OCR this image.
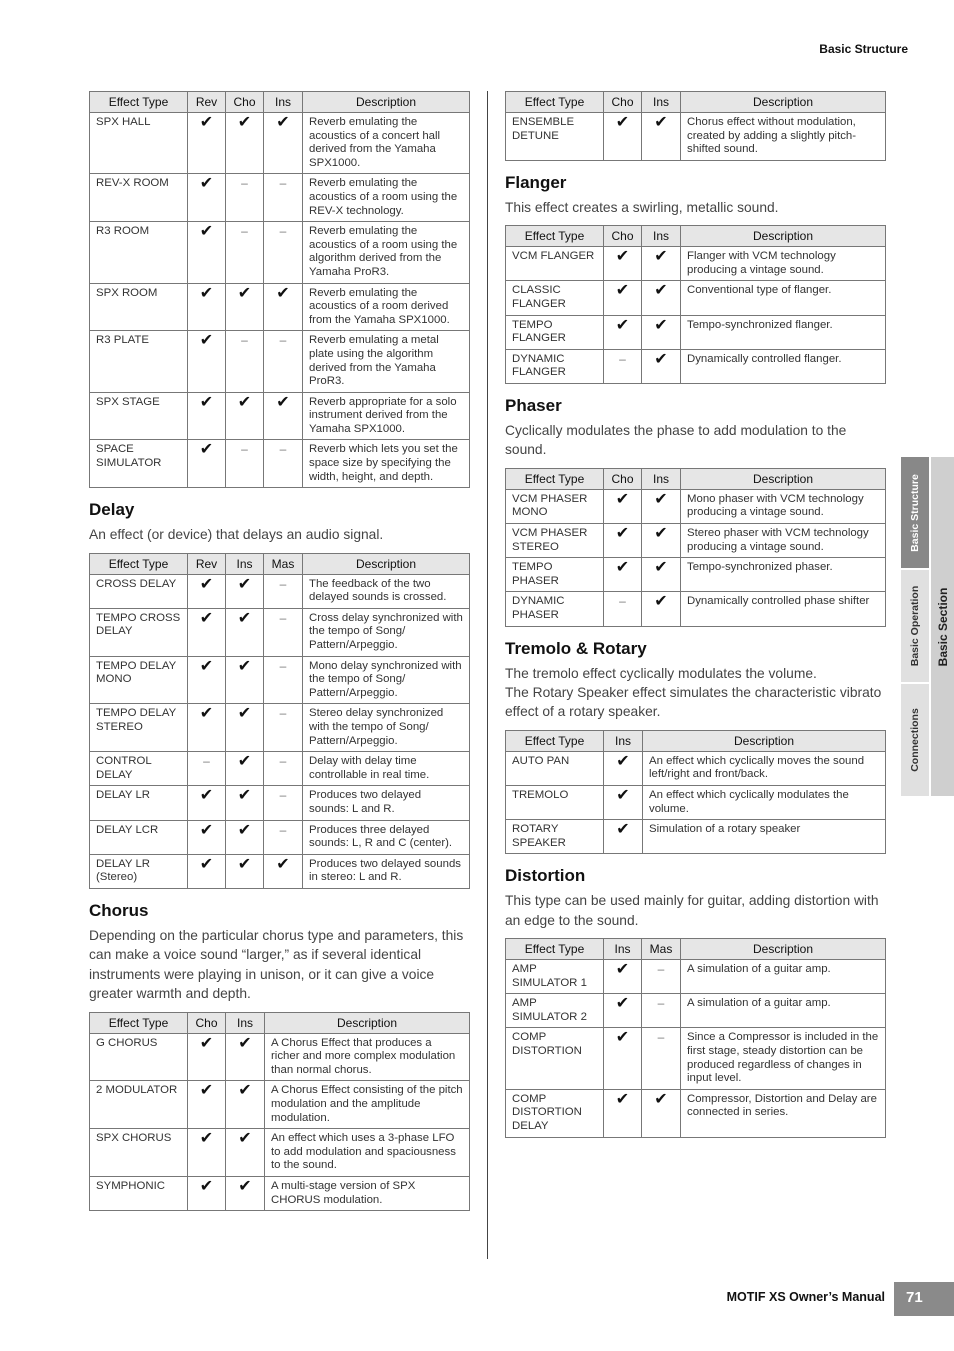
Basic Structure
Effect Type	Rev	Cho	Ins	Description
SPX HALL	✔	✔	✔	Reverb emulating the acoustics of a concert hall derived from the Yamaha SPX1000.
REV-X ROOM	✔	–	–	Reverb emulating the acoustics of a room using the REV-X technology.
R3 ROOM	✔	–	–	Reverb emulating the acoustics of a room using the algorithm derived from the Yamaha ProR3.
SPX ROOM	✔	✔	✔	Reverb emulating the acoustics of a room derived from the Yamaha SPX1000.
R3 PLATE	✔	–	–	Reverb emulating a metal plate using the algorithm derived from the Yamaha ProR3.
SPX STAGE	✔	✔	✔	Reverb appropriate for a solo instrument derived from the Yamaha SPX1000.
SPACE SIMULATOR	✔	–	–	Reverb which lets you set the space size by specifying the width, height, and depth.
Delay
An effect (or device) that delays an audio signal.
Effect Type	Rev	Ins	Mas	Description
CROSS DELAY	✔	✔	–	The feedback of the two delayed sounds is crossed.
TEMPO CROSS DELAY	✔	✔	–	Cross delay synchronized with the tempo of Song/ Pattern/Arpeggio.
TEMPO DELAY MONO	✔	✔	–	Mono delay synchronized with the tempo of Song/ Pattern/Arpeggio.
TEMPO DELAY STEREO	✔	✔	–	Stereo delay synchronized with the tempo of Song/ Pattern/Arpeggio.
CONTROL DELAY	–	✔	–	Delay with delay time controllable in real time.
DELAY LR	✔	✔	–	Produces two delayed sounds: L and R.
DELAY LCR	✔	✔	–	Produces three delayed sounds: L, R and C (center).
DELAY LR (Stereo)	✔	✔	✔	Produces two delayed sounds in stereo: L and R.
Chorus
Depending on the particular chorus type and parameters, this can make a voice sound “larger,” as if several identical instruments were playing in unison, or it can give a voice greater warmth and depth.
Effect Type	Cho	Ins	Description
G CHORUS	✔	✔	A Chorus Effect that produces a richer and more complex modulation than normal chorus.
2 MODULATOR	✔	✔	A Chorus Effect consisting of the pitch modulation and the amplitude modulation.
SPX CHORUS	✔	✔	An effect which uses a 3-phase LFO to add modulation and spaciousness to the sound.
SYMPHONIC	✔	✔	A multi-stage version of SPX CHORUS modulation.
Effect Type	Cho	Ins	Description
ENSEMBLE DETUNE	✔	✔	Chorus effect without modulation, created by adding a slightly pitch-shifted sound.
Flanger
This effect creates a swirling, metallic sound.
Effect Type	Cho	Ins	Description
VCM FLANGER	✔	✔	Flanger with VCM technology producing a vintage sound.
CLASSIC FLANGER	✔	✔	Conventional type of flanger.
TEMPO FLANGER	✔	✔	Tempo-synchronized flanger.
DYNAMIC FLANGER	–	✔	Dynamically controlled flanger.
Phaser
Cyclically modulates the phase to add modulation to the sound.
Effect Type	Cho	Ins	Description
VCM PHASER MONO	✔	✔	Mono phaser with VCM technology producing a vintage sound.
VCM PHASER STEREO	✔	✔	Stereo phaser with VCM technology producing a vintage sound.
TEMPO PHASER	✔	✔	Tempo-synchronized phaser.
DYNAMIC PHASER	–	✔	Dynamically controlled phase shifter
Tremolo & Rotary
The tremolo effect cyclically modulates the volume.
The Rotary Speaker effect simulates the characteristic vibrato effect of a rotary speaker.
Effect Type	Ins	Description
AUTO PAN	✔	An effect which cyclically moves the sound left/right and front/back.
TREMOLO	✔	An effect which cyclically modulates the volume.
ROTARY SPEAKER	✔	Simulation of a rotary speaker
Distortion
This type can be used mainly for guitar, adding distortion with an edge to the sound.
Effect Type	Ins	Mas	Description
AMP SIMULATOR 1	✔	–	A simulation of a guitar amp.
AMP SIMULATOR 2	✔	–	A simulation of a guitar amp.
COMP DISTORTION	✔	–	Since a Compressor is included in the first stage, steady distortion can be produced regardless of changes in input level.
COMP DISTORTION DELAY	✔	✔	Compressor, Distortion and Delay are connected in series.
Basic Structure
Basic Operation
Connections
Basic Section
MOTIF XS Owner’s Manual	71
